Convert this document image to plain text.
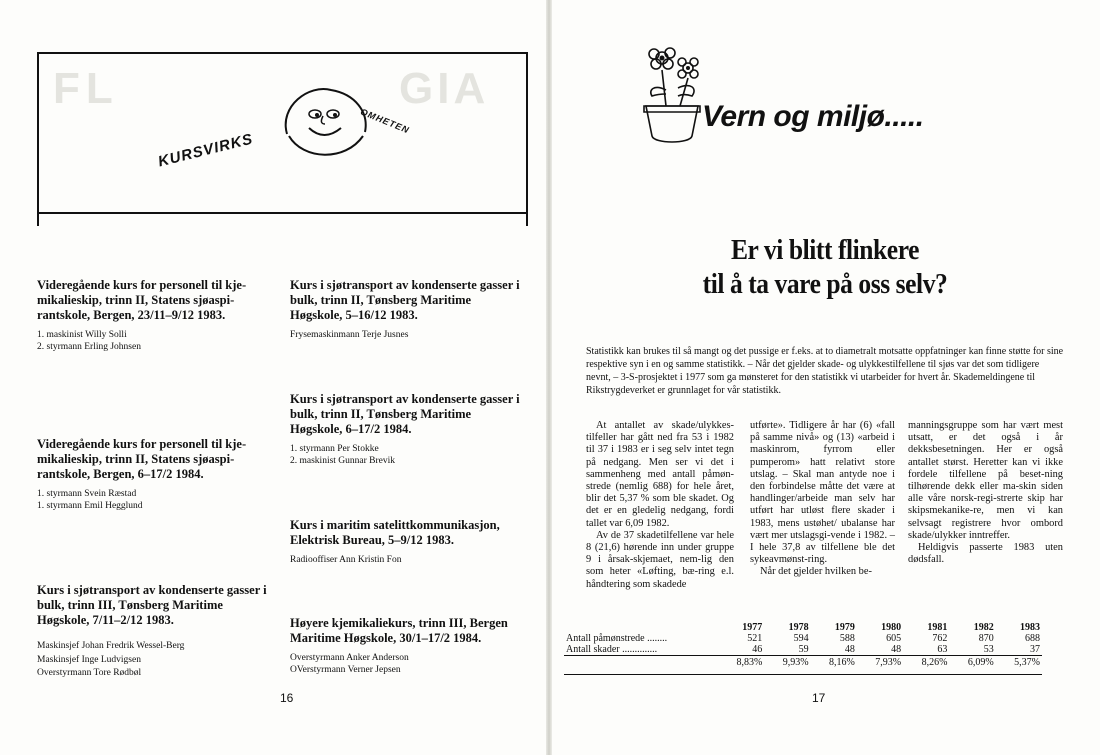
FL	GIA
KURSVIRKS
OMHETEN
Videregående kurs for personell til kje-mikalieskip, trinn II, Statens sjøaspi-rantskole, Bergen, 23/11–9/12 1983.
1. maskinist Willy Solli
2. styrmann Erling Johnsen
Videregående kurs for personell til kje-mikalieskip, trinn II, Statens sjøaspi-rantskole, Bergen, 6–17/2 1984.
1. styrmann Svein Ræstad
1. styrmann Emil Hegglund
Kurs i sjøtransport av kondenserte gasser i bulk, trinn III, Tønsberg Maritime Høgskole, 7/11–2/12 1983.
Maskinsjef Johan Fredrik Wessel-Berg
Maskinsjef Inge Ludvigsen
Overstyrmann Tore Rødbøl
Kurs i sjøtransport av kondenserte gasser i bulk, trinn II, Tønsberg Maritime Høgskole, 5–16/12 1983.
Frysemaskinmann Terje Jusnes
Kurs i sjøtransport av kondenserte gasser i bulk, trinn II, Tønsberg Maritime Høgskole, 6–17/2 1984.
1. styrmann Per Stokke
2. maskinist Gunnar Brevik
Kurs i maritim satelittkommunikasjon, Elektrisk Bureau, 5–9/12 1983.
Radiooffiser Ann Kristin Fon
Høyere kjemikaliekurs, trinn III, Bergen Maritime Høgskole, 30/1–17/2 1984.
Overstyrmann Anker Anderson
OVerstyrmann Verner Jepsen
16
Vern og miljø.....
Er vi blitt flinkere
til å ta vare på oss selv?

Statistikk kan brukes til så mangt og det pussige er f.eks. at to diametralt motsatte oppfatninger kan finne støtte for sine respektive syn i en og samme statistikk. – Når det gjelder skade- og ulykkestilfellene til sjøs var det som tidligere nevnt, – 3-S-prosjektet i 1977 som ga mønsteret for den statistikk vi utarbeider for hvert år. Skademeldingene til Rikstrygdeverket er grunnlaget for vår statistikk.

At antallet av skade/ulykkes-tilfeller har gått ned fra 53 i 1982 til 37 i 1983 er i seg selv intet tegn på nedgang. Men ser vi det i sammenheng med antall påmøn-strede (nemlig 688) for hele året, blir det 5,37 % som ble skadet. Og det er en gledelig nedgang, fordi tallet var 6,09 1982.

Av de 37 skadetilfellene var hele 8 (21,6) hørende inn under gruppe 9 i årsak-skjemaet, nem-lig den som heter «Løfting, bæ-ring e.l. håndtering som skadede

utførte». Tidligere år har (6) «fall på samme nivå» og (13) «arbeid i maskinrom, fyrrom eller pumperom» hatt relativt store utslag. – Skal man antyde noe i den forbindelse måtte det være at handlinger/arbeide man selv har utført har utløst flere skader i 1983, mens ustøhet/ ubalanse har vært mer utslagsgi-vende i 1982. – I hele 37,8 av tilfellene ble det sykeavmønst-ring.

Når det gjelder hvilken be-

manningsgruppe som har vært mest utsatt, er det også i år dekksbesetningen. Her er også antallet størst. Heretter kan vi ikke fordele tilfellene på beset-ning tilhørende dekk eller ma-skin siden alle våre norsk-regi-strerte skip har skipsmekanike-re, men vi kan selvsagt registrere hvor ombord skade/ulykker inntreffer.

Heldigvis passerte 1983 uten dødsfall.

	1977	1978	1979	1980	1981	1982	1983
Antall påmønstrede ........	521	594	588	605	762	870	688
Antall skader ..............	46	59	48	48	63	53	37
	8,83%	9,93%	8,16%	7,93%	8,26%	6,09%	5,37%
17
